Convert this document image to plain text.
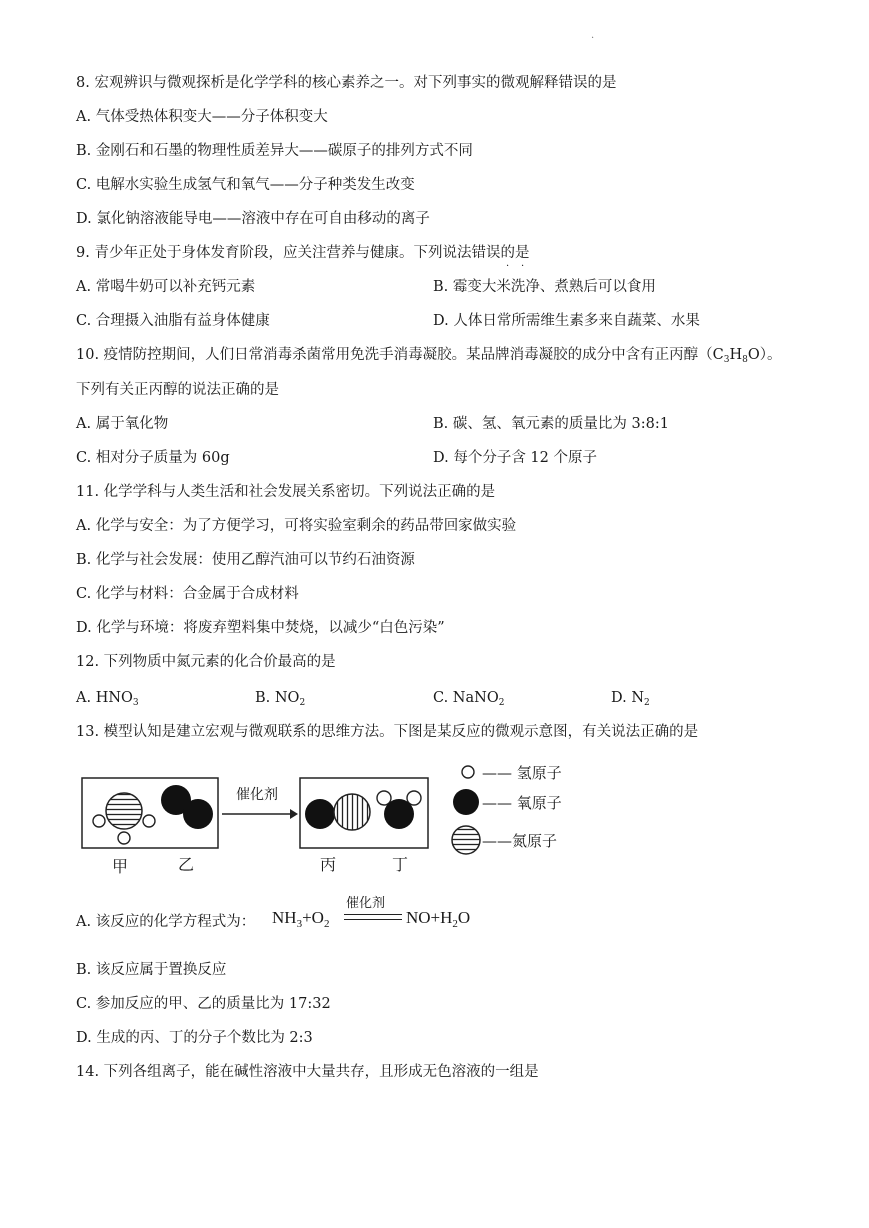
.
8. 宏观辨识与微观探析是化学学科的核心素养之一。对下列事实的微观解释错误的是
A. 气体受热体积变大——分子体积变大
B. 金刚石和石墨的物理性质差异大——碳原子的排列方式不同
C. 电解水实验生成氢气和氧气——分子种类发生改变
D. 氯化钠溶液能导电——溶液中存在可自由移动的离子
9. 青少年正处于身体发育阶段，应关注营养与健康。下列说法错误的是
· ·
A. 常喝牛奶可以补充钙元素	B. 霉变大米洗净、煮熟后可以食用
C. 合理摄入油脂有益身体健康	D. 人体日常所需维生素多来自蔬菜、水果
10. 疫情防控期间，人们日常消毒杀菌常用免洗手消毒凝胶。某品牌消毒凝胶的成分中含有正丙醇$(C_3H_8O)$。
下列有关正丙醇的说法正确的是
A. 属于氧化物	B. 碳、氢、氧元素的质量比为 3:8:1
C. 相对分子质量为 60g	D. 每个分子含 12 个原子
11. 化学学科与人类生活和社会发展关系密切。下列说法正确的是
A. 化学与安全：为了方便学习，可将实验室剩余的药品带回家做实验
B. 化学与社会发展：使用乙醇汽油可以节约石油资源
C. 化学与材料：合金属于合成材料
D. 化学与环境：将废弃塑料集中焚烧，以减少“白色污染”
12. 下列物质中氮元素的化合价最高的是
A. $HNO_3$	B. $NO_2$	C. NaNO$_2$	D. $N_2$
13. 模型认知是建立宏观与微观联系的思维方法。下图是某反应的微观示意图，有关说法正确的是
催化剂
甲	乙	丙	丁
—— 氢原子
—— 氧原子
——氮原子
A. 该反应的化学方程式为： $NH_3+O_2$
催化剂
$NO+H_2O$
B. 该反应属于置换反应
C. 参加反应的甲、乙的质量比为 17:32
D. 生成的丙、丁的分子个数比为 2:3
14. 下列各组离子，能在碱性溶液中大量共存，且形成无色溶液的一组是
